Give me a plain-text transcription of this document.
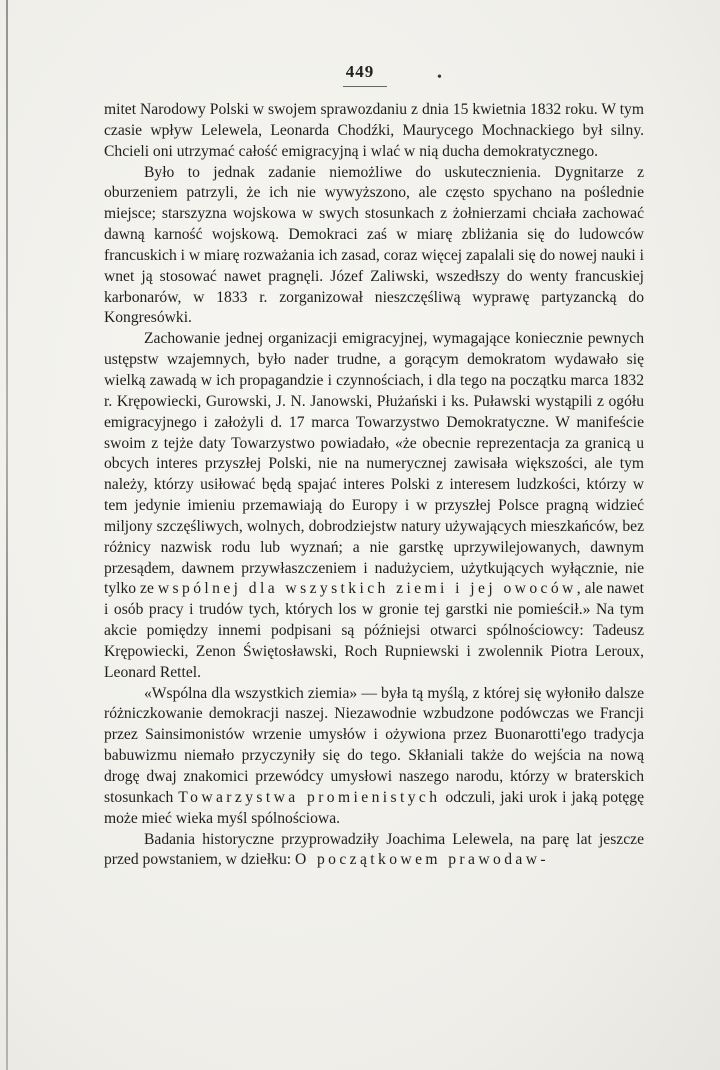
449	•

mitet Narodowy Polski w swojem sprawozdaniu z dnia 15 kwietnia 1832 roku. W tym czasie wpływ Lelewela, Leonarda Chodźki, Maurycego Mochnackiego był silny. Chcieli oni utrzymać całość emigracyjną i wlać w nią ducha demokratycznego.

Było to jednak zadanie niemożliwe do uskutecznienia. Dygnitarze z oburzeniem patrzyli, że ich nie wywyższono, ale często spychano na poślednie miejsce; starszyzna wojskowa w swych stosunkach z żołnierzami chciała zachować dawną karność wojskową. Demokraci zaś w miarę zbliżania się do ludowców francuskich i w miarę rozważania ich zasad, coraz więcej zapalali się do nowej nauki i wnet ją stosować nawet pragnęli. Józef Zaliwski, wszedłszy do wenty francuskiej karbonarów, w 1833 r. zorganizował nieszczęśliwą wyprawę partyzancką do Kongresówki.

Zachowanie jednej organizacji emigracyjnej, wymagające koniecznie pewnych ustępstw wzajemnych, było nader trudne, a gorącym demokratom wydawało się wielką zawadą w ich propagandzie i czynnościach, i dla tego na początku marca 1832 r. Krępowiecki, Gurowski, J. N. Janowski, Płużański i ks. Puławski wystąpili z ogółu emigracyjnego i założyli d. 17 marca Towarzystwo Demokratyczne. W manifeście swoim z tejże daty Towarzystwo powiadało, «że obecnie reprezentacja za granicą u obcych interes przyszłej Polski, nie na numerycznej zawisała większości, ale tym należy, którzy usiłować będą spajać interes Polski z interesem ludzkości, którzy w tem jedynie imieniu przemawiają do Europy i w przyszłej Polsce pragną widzieć miljony szczęśliwych, wolnych, dobrodziejstw natury używających mieszkańców, bez różnicy nazwisk rodu lub wyznań; a nie garstkę uprzywilejowanych, dawnym przesądem, dawnem przywłaszczeniem i nadużyciem, użytkujących wyłącznie, nie tylko ze wspólnej dla wszystkich ziemi i jej owoców, ale nawet i osób pracy i trudów tych, których los w gronie tej garstki nie pomieścił.» Na tym akcie pomiędzy innemi podpisani są późniejsi otwarci spólnościowcy: Tadeusz Krępowiecki, Zenon Świętosławski, Roch Rupniewski i zwolennik Piotra Leroux, Leonard Rettel.

«Wspólna dla wszystkich ziemia» — była tą myślą, z której się wyłoniło dalsze różniczkowanie demokracji naszej. Niezawodnie wzbudzone podówczas we Francji przez Sainsimonistów wrzenie umysłów i ożywiona przez Buonarotti'ego tradycja babuwizmu niemało przyczyniły się do tego. Skłaniali także do wejścia na nową drogę dwaj znakomici przewódcy umysłowi naszego narodu, którzy w braterskich stosunkach Towarzystwa promienistych odczuli, jaki urok i jaką potęgę może mieć wieka myśl spólnościowa.

Badania historyczne przyprowadziły Joachima Lelewela, na parę lat jeszcze przed powstaniem, w dziełku: O początkowem prawodaw-
